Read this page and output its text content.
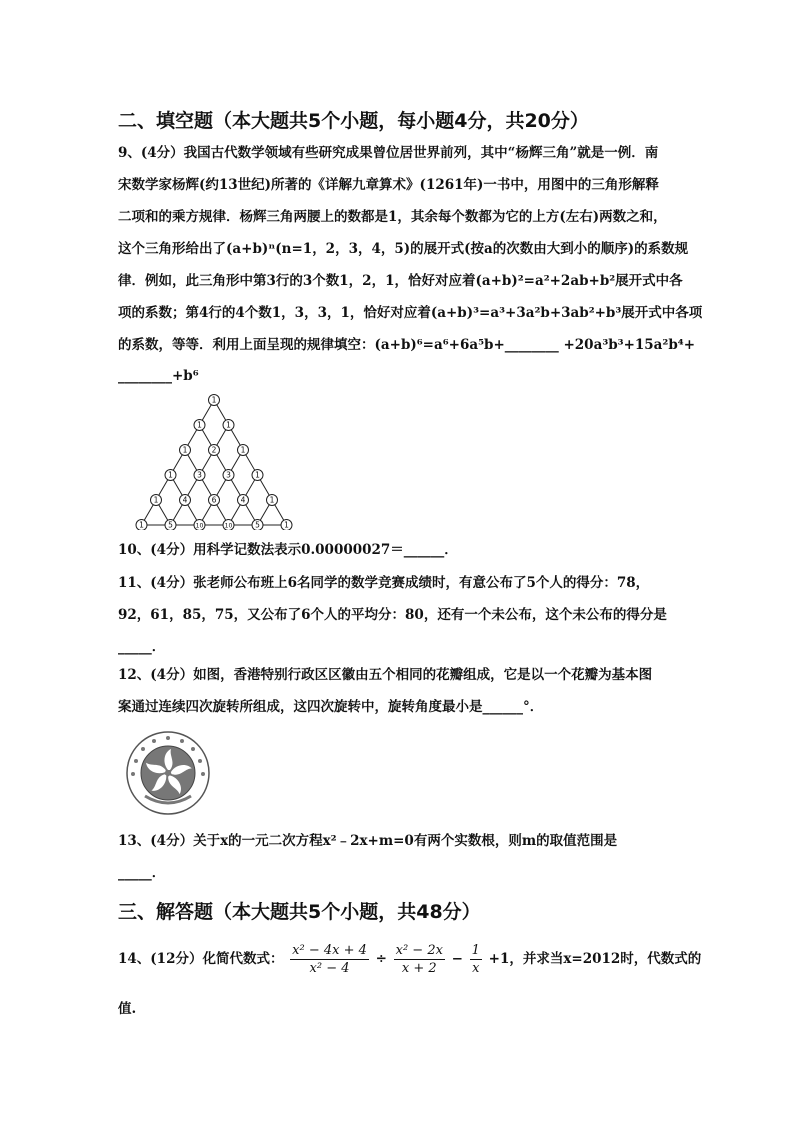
二、填空题（本大题共5个小题，每小题4分，共20分）
9、(4分）我国古代数学领域有些研究成果曾位居世界前列，其中“杨辉三角”就是一例．南
宋数学家杨辉(约13世纪)所著的《详解九章算术》(1261年)一书中，用图中的三角形解释
二项和的乘方规律．杨辉三角两腰上的数都是1，其余每个数都为它的上方(左右)两数之和，
这个三角形给出了(a+b)ⁿ(n=1，2，3，4，5)的展开式(按a的次数由大到小的顺序)的系数规
律．例如，此三角形中第3行的3个数1，2，1，恰好对应着(a+b)²=a²+2ab+b²展开式中各
项的系数；第4行的4个数1，3，3，1，恰好对应着(a+b)³=a³+3a²b+3ab²+b³展开式中各项
的系数，等等．利用上面呈现的规律填空：(a+b)⁶=a⁶+6a⁵b+________ +20a³b³+15a²b⁴+
________+b⁶
1
1	1
1	2	1
1	3	3	1
1	4	6	4	1
1	5	10	10	5	1
10、(4分）用科学记数法表示0.00000027＝______．
11、(4分）张老师公布班上6名同学的数学竞赛成绩时，有意公布了5个人的得分：78，
92，61，85，75，又公布了6个人的平均分：80，还有一个未公布，这个未公布的得分是
_____．
12、(4分）如图，香港特别行政区区徽由五个相同的花瓣组成，它是以一个花瓣为基本图
案通过连续四次旋转所组成，这四次旋转中，旋转角度最小是______°．
13、(4分）关于x的一元二次方程x²﹣2x+m=0有两个实数根，则m的取值范围是
_____．
三、解答题（本大题共5个小题，共48分）
14、(12分）化简代数式： $\frac{\text{x² − 4x + 4}}{\text{x² − 4}} \div \frac{\text{x² − 2x}}{x + 2} - \frac{1}{x} +1$，并求当x=2012时，代数式的
值.
